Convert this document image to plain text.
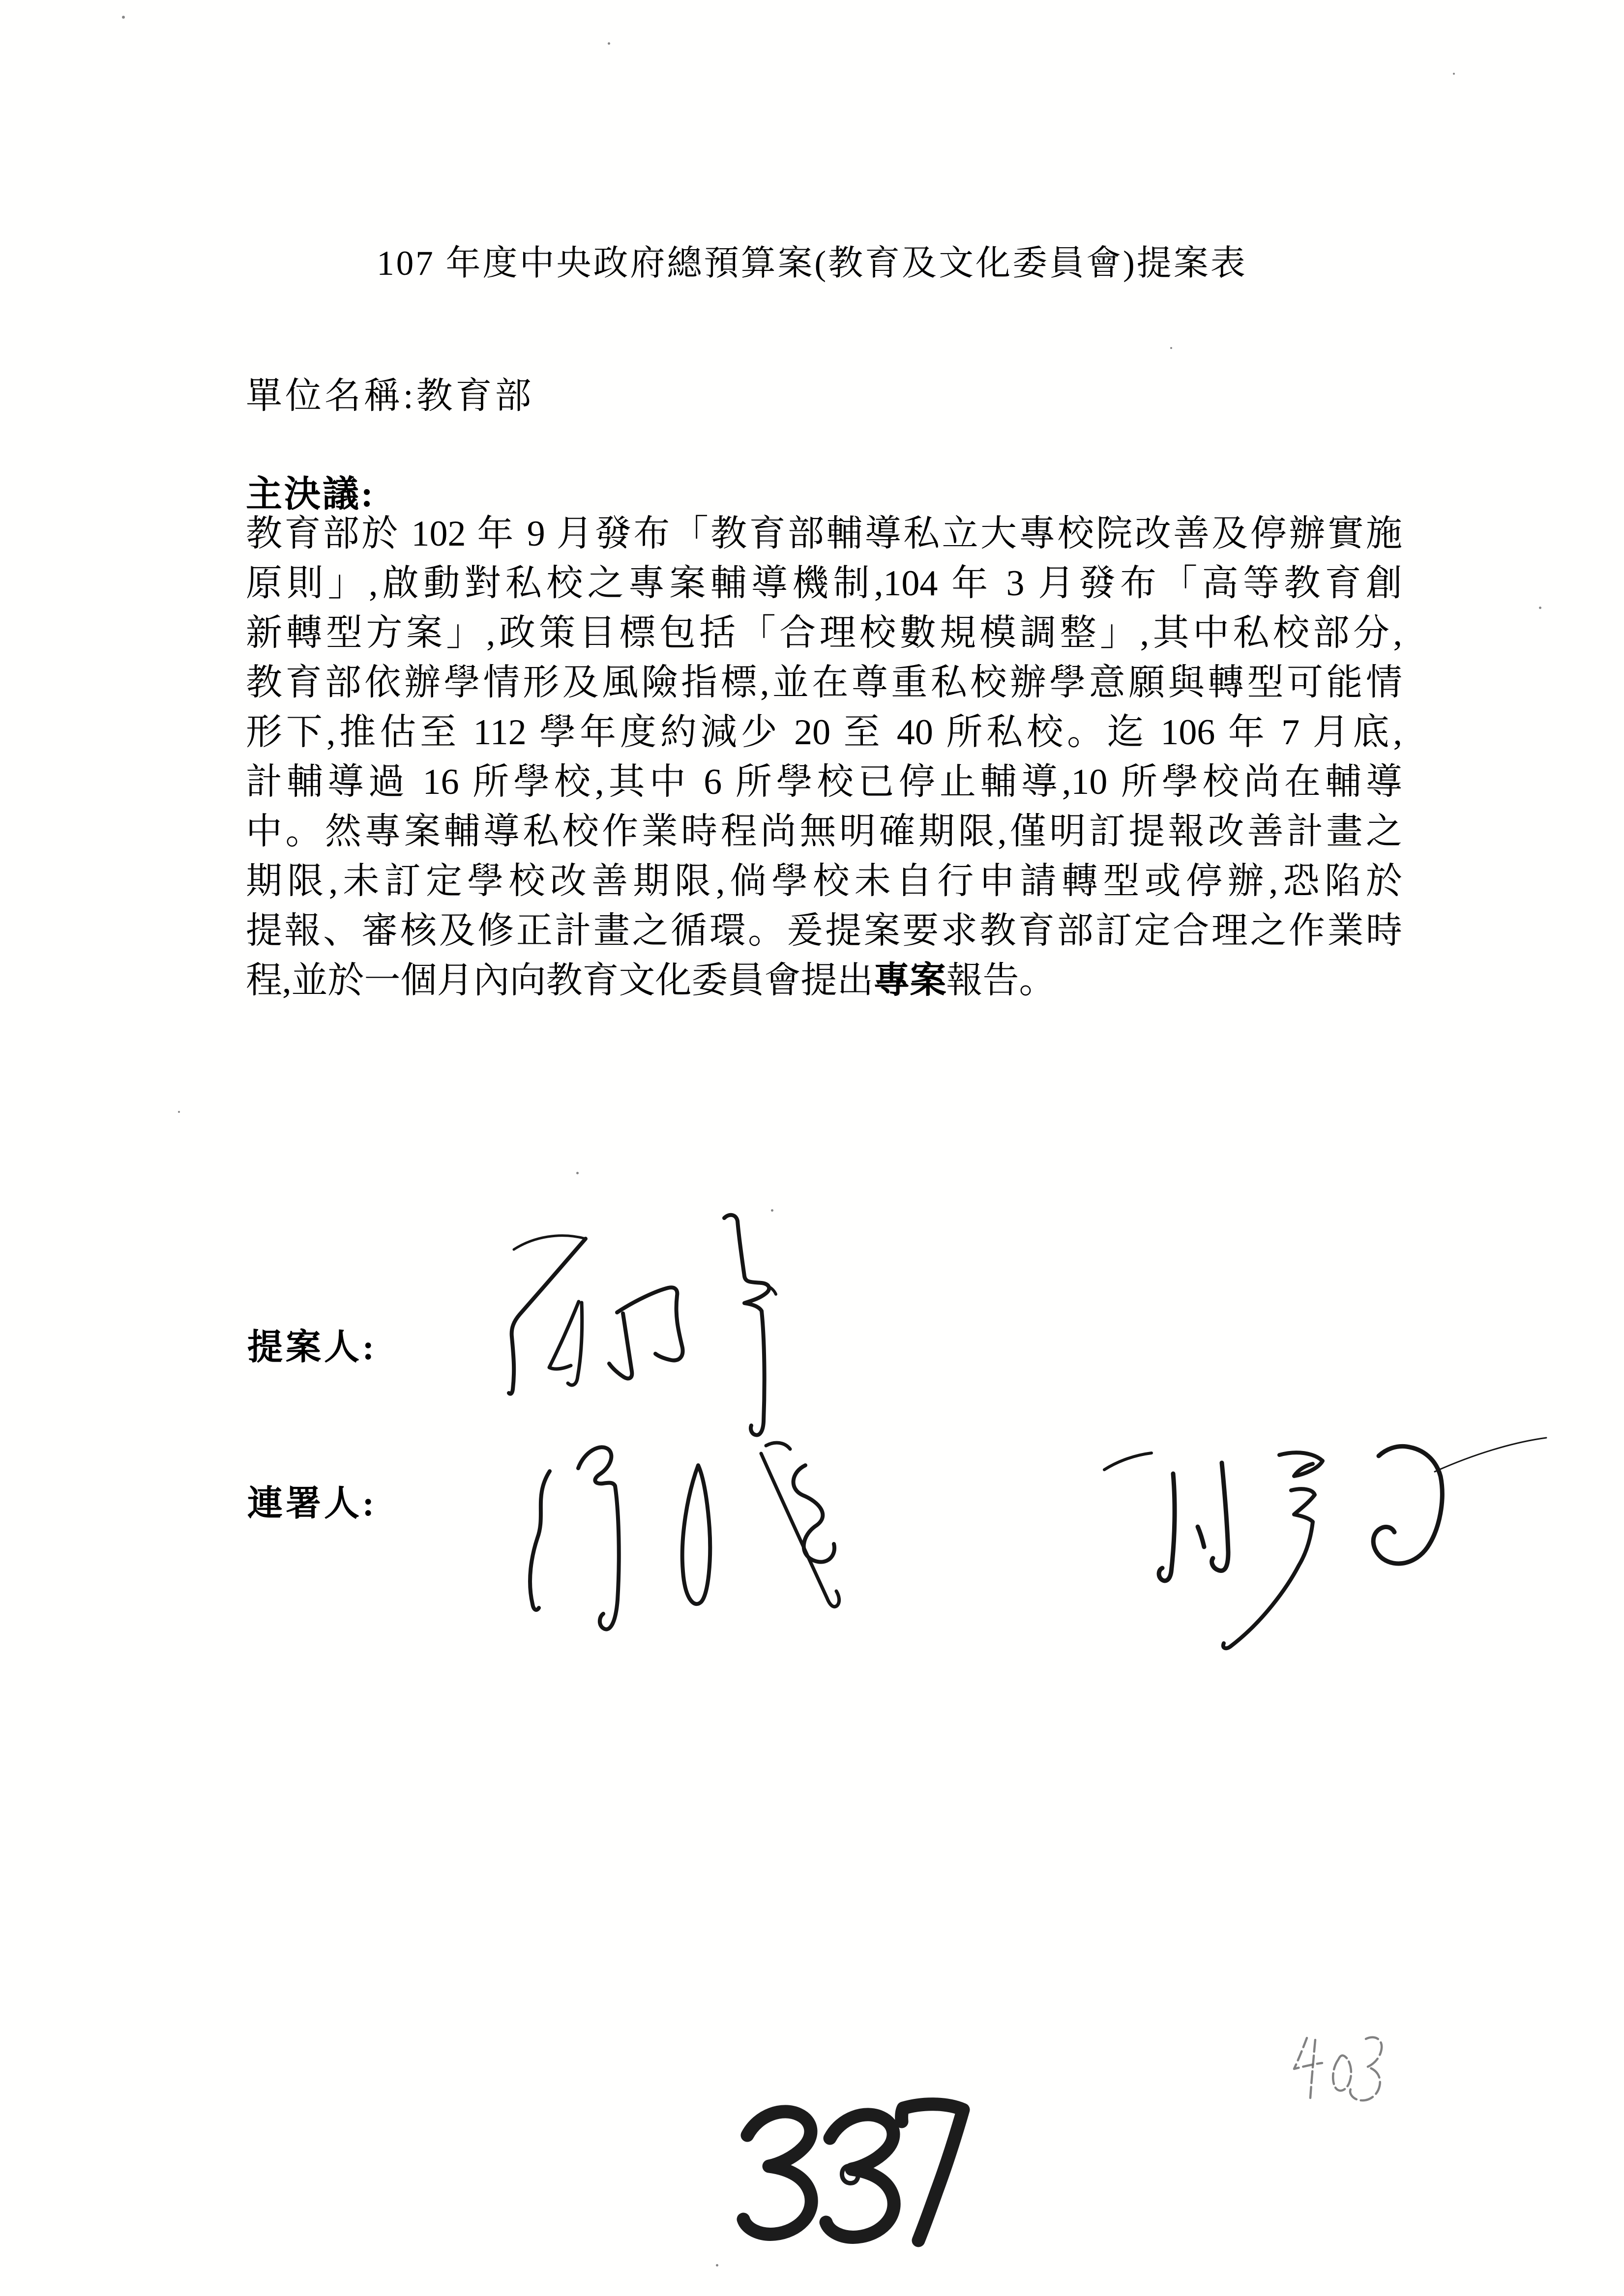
107 年度中央政府總預算案(教育及文化委員會)提案表
單位名稱:教育部
主決議:
教育部於 102 年 9 月發布「教育部輔導私立大專校院改善及停辦實施
原則」,啟動對私校之專案輔導機制,104 年 3 月發布「高等教育創
新轉型方案」,政策目標包括「合理校數規模調整」,其中私校部分,
教育部依辦學情形及風險指標,並在尊重私校辦學意願與轉型可能情
形下,推估至 112 學年度約減少 20 至 40 所私校。迄 106 年 7 月底,
計輔導過 16 所學校,其中 6 所學校已停止輔導,10 所學校尚在輔導
中。然專案輔導私校作業時程尚無明確期限,僅明訂提報改善計畫之
期限,未訂定學校改善期限,倘學校未自行申請轉型或停辦,恐陷於
提報、審核及修正計畫之循環。爰提案要求教育部訂定合理之作業時
程,並於一個月內向教育文化委員會提出專案報告。
提案人:
連署人:
